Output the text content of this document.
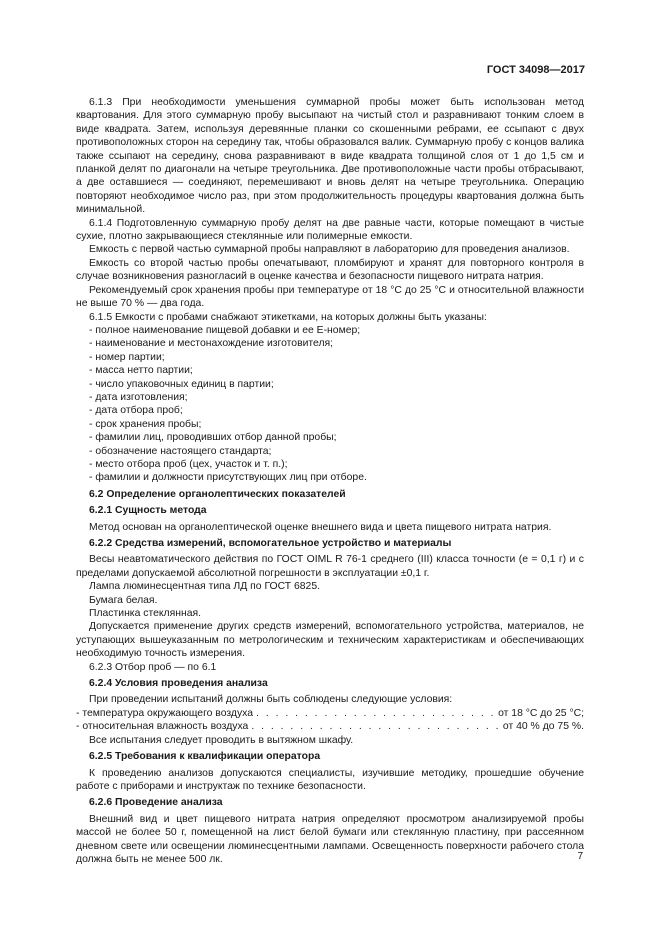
ГОСТ 34098—2017

6.1.3 При необходимости уменьшения суммарной пробы может быть использован метод квартования. Для этого суммарную пробу высыпают на чистый стол и разравнивают тонким слоем в виде квадрата. Затем, используя деревянные планки со скошенными ребрами, ее ссыпают с двух противоположных сторон на середину так, чтобы образовался валик. Суммарную пробу с концов валика также ссыпают на середину, снова разравнивают в виде квадрата толщиной слоя от 1 до 1,5 см и планкой делят по диагонали на четыре треугольника. Две противоположные части пробы отбрасывают, а две оставшиеся — соединяют, перемешивают и вновь делят на четыре треугольника. Операцию повторяют необходимое число раз, при этом продолжительность процедуры квартования должна быть минимальной.

6.1.4 Подготовленную суммарную пробу делят на две равные части, которые помещают в чистые сухие, плотно закрывающиеся стеклянные или полимерные емкости.

Емкость с первой частью суммарной пробы направляют в лабораторию для проведения анализов.

Емкость со второй частью пробы опечатывают, пломбируют и хранят для повторного контроля в случае возникновения разногласий в оценке качества и безопасности пищевого нитрата натрия.

Рекомендуемый срок хранения пробы при температуре от 18 °С до 25 °С и относительной влажности не выше 70 % — два года.

6.1.5 Емкости с пробами снабжают этикетками, на которых должны быть указаны:

- полное наименование пищевой добавки и ее Е-номер;

- наименование и местонахождение изготовителя;

- номер партии;

- масса нетто партии;

- число упаковочных единиц в партии;

- дата изготовления;

- дата отбора проб;

- срок хранения пробы;

- фамилии лиц, проводивших отбор данной пробы;

- обозначение настоящего стандарта;

- место отбора проб (цех, участок и т. п.);

- фамилии и должности присутствующих лиц при отборе.

6.2 Определение органолептических показателей
6.2.1 Сущность метода

Метод основан на органолептической оценке внешнего вида и цвета пищевого нитрата натрия.

6.2.2 Средства измерений, вспомогательное устройство и материалы

Весы неавтоматического действия по ГОСТ OIML R 76-1 среднего (III) класса точности (е = 0,1 г) и с пределами допускаемой абсолютной погрешности в эксплуатации ±0,1 г.

Лампа люминесцентная типа ЛД по ГОСТ 6825.

Бумага белая.

Пластинка стеклянная.

Допускается применение других средств измерений, вспомогательного устройства, материалов, не уступающих вышеуказанным по метрологическим и техническим характеристикам и обеспечивающих необходимую точность измерения.

6.2.3 Отбор проб — по 6.1

6.2.4 Условия проведения анализа

При проведении испытаний должны быть соблюдены следующие условия:

- температура окружающего воздуха . . .	от 18 °С до 25 °С;
- относительная влажность воздуха . . .	от 40 % до 75 %.

Все испытания следует проводить в вытяжном шкафу.

6.2.5 Требования к квалификации оператора

К проведению анализов допускаются специалисты, изучившие методику, прошедшие обучение работе с приборами и инструктаж по технике безопасности.

6.2.6 Проведение анализа

Внешний вид и цвет пищевого нитрата натрия определяют просмотром анализируемой пробы массой не более 50 г, помещенной на лист белой бумаги или стеклянную пластину, при рассеянном дневном свете или освещении люминесцентными лампами. Освещенность поверхности рабочего стола должна быть не менее 500 лк.	7
